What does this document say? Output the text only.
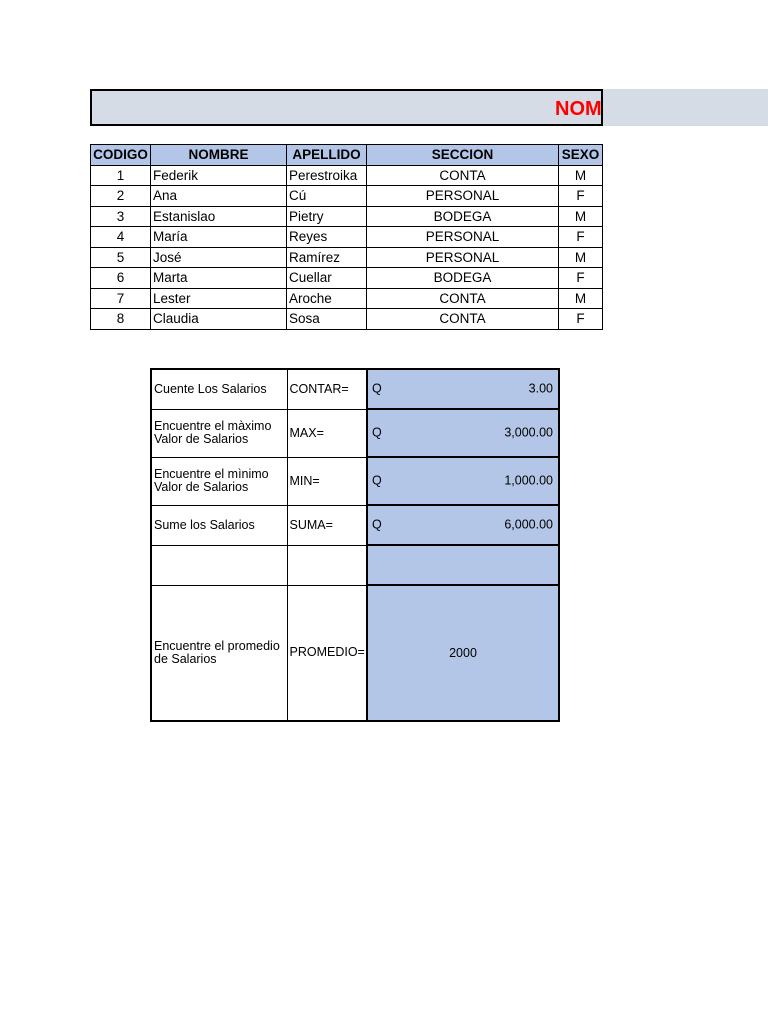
NOM
CODIGO	NOMBRE	APELLIDO	SECCION	SEXO
1	Federik	Perestroika	CONTA	M
2	Ana	Cú	PERSONAL	F
3	Estanislao	Pietry	BODEGA	M
4	María	Reyes	PERSONAL	F
5	José	Ramírez	PERSONAL	M
6	Marta	Cuellar	BODEGA	F
7	Lester	Aroche	CONTA	M
8	Claudia	Sosa	CONTA	F
Cuente Los Salarios	CONTAR=	Q 3.00

Encuentre el màximo Valor de Salarios	MAX=	Q 3,000.00

Encuentre el mìnimo Valor de Salarios	MIN=	Q 1,000.00

Sume los Salarios	SUMA=	Q 6,000.00

Encuentre el promedio de Salarios	PROMEDIO=	2000
